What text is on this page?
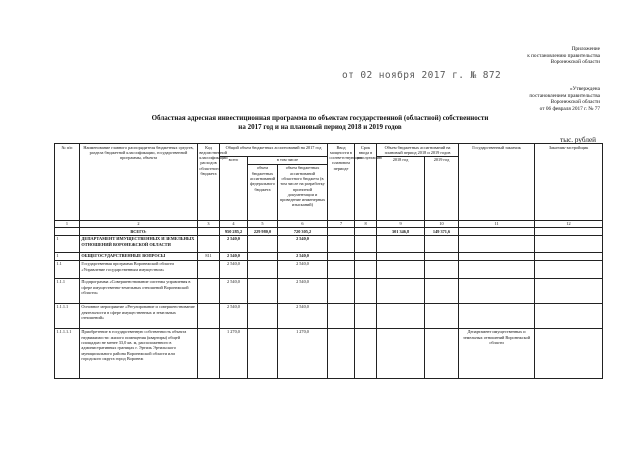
Приложение
к постановлению правительства
Воронежской области
от 02 ноября 2017 г. № 872
«Утверждена
постановлением правительства
Воронежской области
от 06 февраля 2017 г. № 77
Областная адресная инвестиционная программа по объектам государственной (областной) собственности
на 2017 год и на плановый период 2018 и 2019 годов
тыс. рублей
№ п/п	Наименование главного распорядителя бюджетных средств, раздела бюджетной классификации, государственной программы, объекта	Код ведомственной классификации расходов областного бюджета	Общий объем бюджетных ассигнований на 2017 год			Ввод мощности в соответствующем плановом периоде	Срок ввода в эксплуатацию	Объем бюджетных ассигнований на плановый период 2018 и 2019 годов		Государственный заказчик	Заказчик-застройщик
			всего	в том числе				2018 год	2019 год		
				объем бюджетных ассигнований федерального бюджета	объем бюджетных ассигнований областного бюджета (в том числе на разработку проектной документации и проведение инженерных изысканий)						
1	2	3	4	5	6	7	8	9	10	11	12
	ВСЕГО:		950 285,2	229 980,0	720 305,2			301 346,8	149 371,6		
1	ДЕПАРТАМЕНТ ИМУЩЕСТВЕННЫХ И ЗЕМЕЛЬНЫХ ОТНОШЕНИЙ ВОРОНЕЖСКОЙ ОБЛАСТИ		2 540,0		2 540,0						
1	ОБЩЕГОСУДАРСТВЕННЫЕ ВОПРОСЫ	811	2 540,0		2 540,0						
1.1	Государственная программа Воронежской области «Управление государственным имуществом»		2 540,0		2 540,0						
1.1.1	Подпрограмма «Совершенствование системы управления в сфере имущественно-земельных отношений Воронежской области»		2 540,0		2 540,0						
1.1.1.1	Основное мероприятие «Регулирование и совершенствование деятельности в сфере имущественных и земельных отношений»		2 540,0		2 540,0						
1.1.1.1.1	Приобретение в государственную собственность объекта недвижимости: жилого помещения (квартиры) общей площадью не менее 33,0 кв. м, расположенного в административных границах г. Эртиль Эртильского муниципального района Воронежской области или городского округа город Воронеж		1 270,0		1 270,0					Департамент имущественных и земельных отношений Воронежской области	
